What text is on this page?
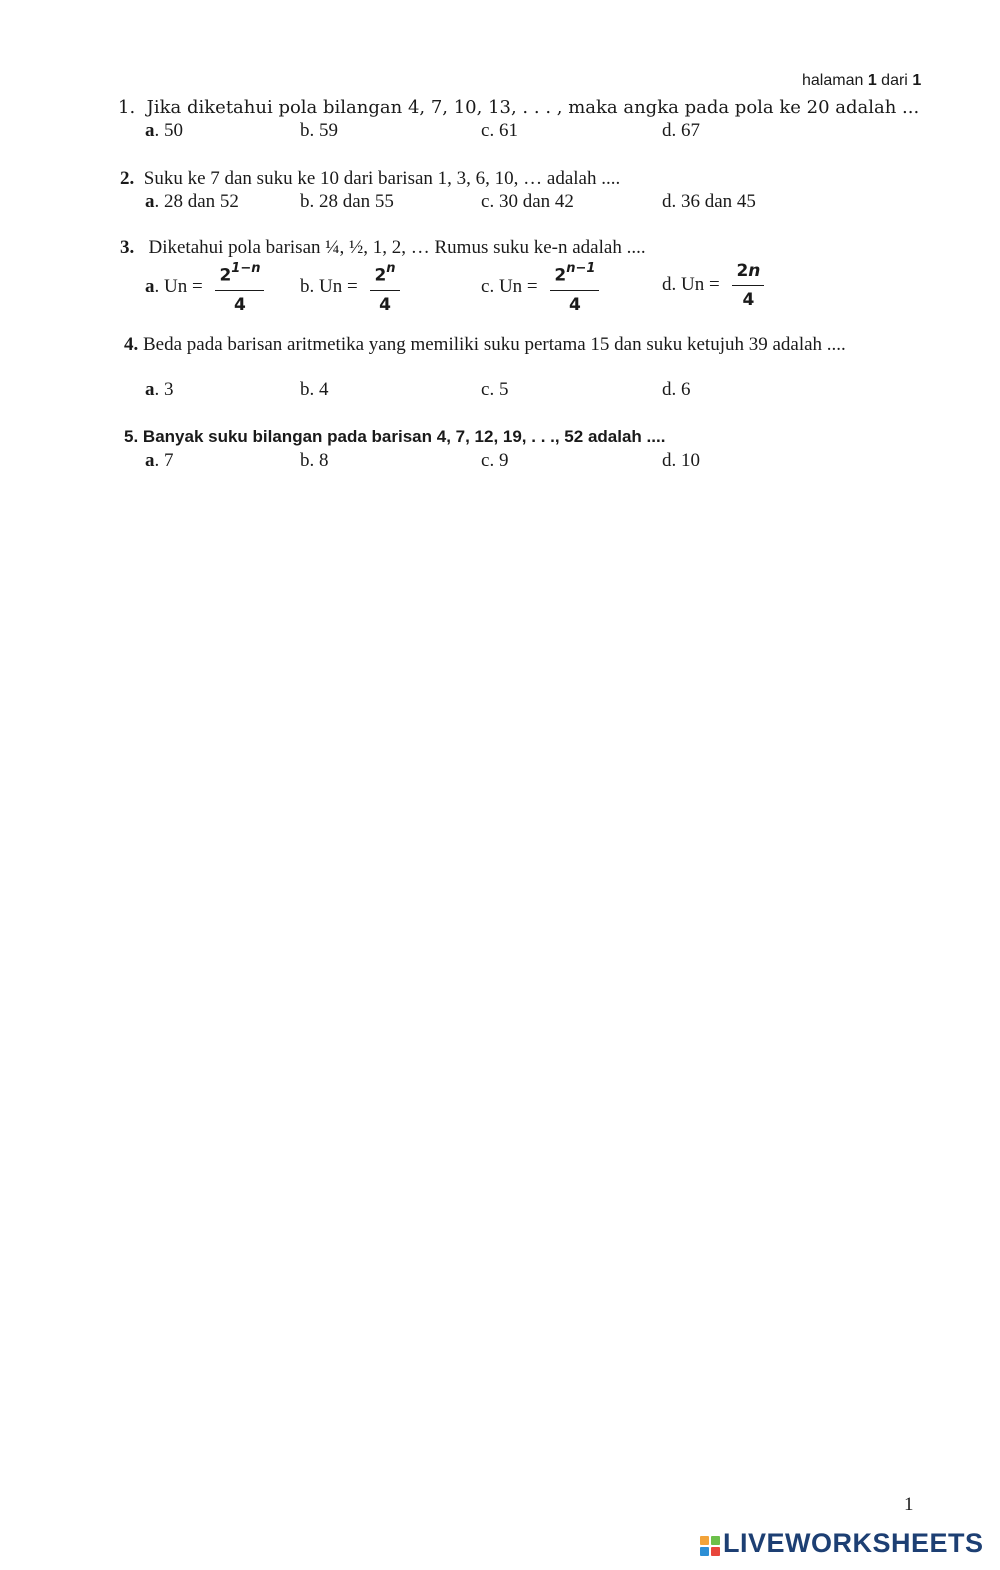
halaman 1 dari 1
1. Jika diketahui pola bilangan 4, 7, 10, 13, . . . , maka angka pada pola ke 20 adalah ...
a. 50	b. 59	c. 61	d. 67
2. Suku ke 7 dan suku ke 10 dari barisan 1, 3, 6, 10, … adalah ....
a. 28 dan 52	b. 28 dan 55	c. 30 dan 42	d. 36 dan 45
3. Diketahui pola barisan ¼, ½, 1, 2, … Rumus suku ke-n adalah ....
a. $Un = \frac{2^{1-n}}{4} b$. $Un = \frac{2^n}{4}$	c. $Un = \frac{2^{n-1}}{4}$	d. $Un = \frac{2n}{4}$
4. Beda pada barisan aritmetika yang memiliki suku pertama 15 dan suku ketujuh 39 adalah ....
a. 3	b. 4	c. 5	d. 6
5. Banyak suku bilangan pada barisan 4, 7, 12, 19, . . ., 52 adalah ....
a. 7	b. 8	c. 9	d. 10
1
LIVEWORKSHEETS
